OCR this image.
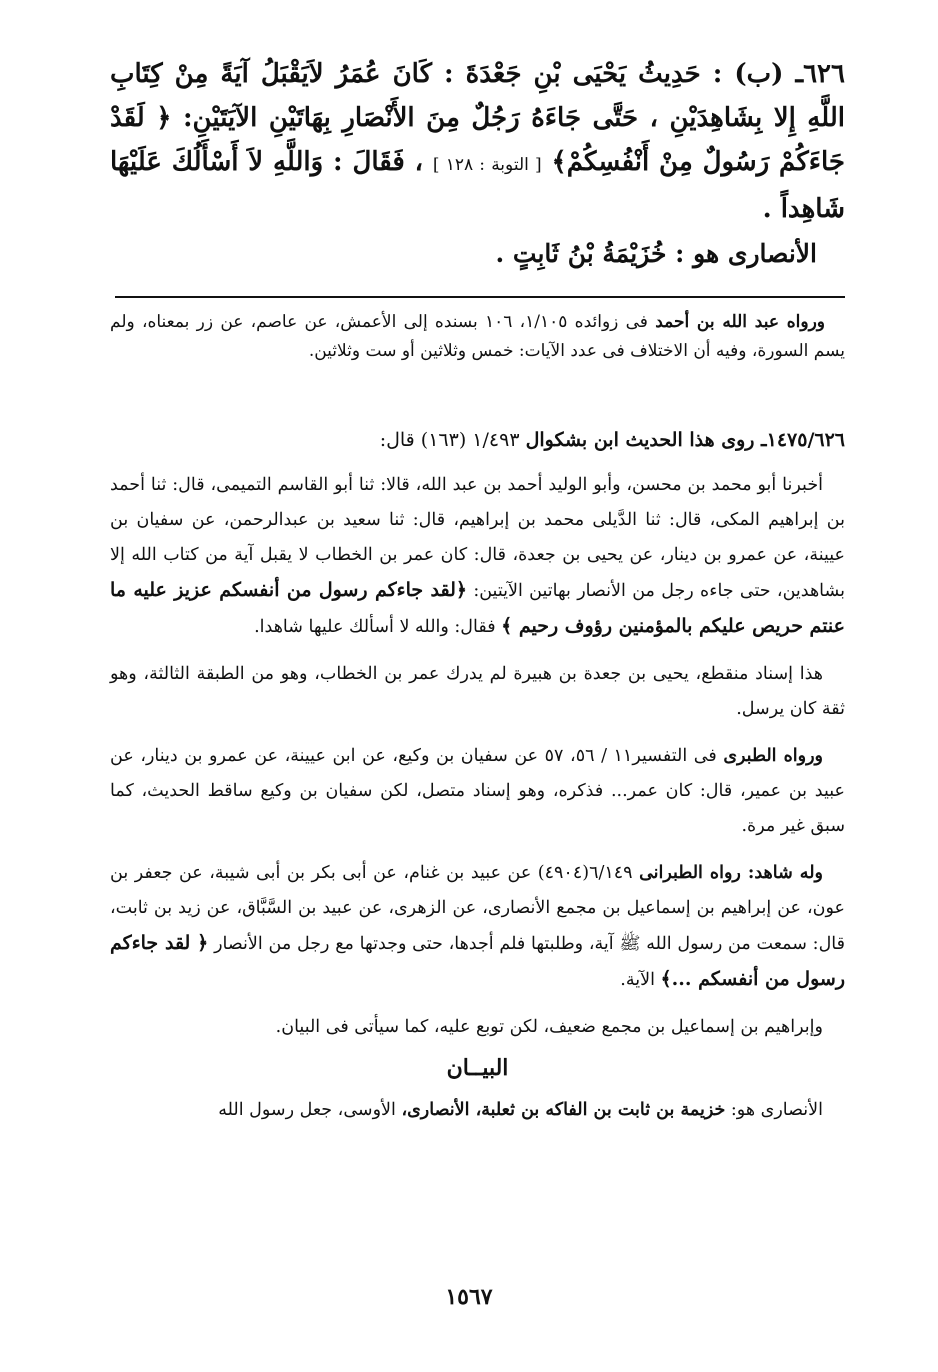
٦٢٦ـ (ب) : حَدِيثُ يَحْيَى بْنِ جَعْدَةَ : كَانَ عُمَرُ لاَيَقْبَلُ آيَةً مِنْ كِتَابِ اللَّهِ إِلا بِشَاهِدَيْنِ ، حَتَّى جَاءَهُ رَجُلٌ مِنَ الأَنْصَارِ بِهَاتَيْنِ الآيَتَيْنِ: ﴿ لَقَدْ جَاءَكُمْ رَسُولٌ مِنْ أَنْفُسِكُمْ﴾ [ التوبة : ١٢٨ ] ، فَقَالَ : وَاللَّهِ لاَ أَسْأَلُكَ عَلَيْهَا شَاهِداً .
الأنصارى هو : خُزَيْمَةُ بْنُ ثَابِتٍ .
ورواه عبد الله بن أحمد فى زوائده ١/١٠٥، ١٠٦ بسنده إلى الأعمش، عن عاصم، عن زر بمعناه، ولم يسم السورة، وفيه أن الاختلاف فى عدد الآيات: خمس وثلاثين أو ست وثلاثين.
١٤٧٥/٦٢٦ـ روى هذا الحديث ابن بشكوال ١/٤٩٣ (١٦٣) قال:
أخبرنا أبو محمد بن محسن، وأبو الوليد أحمد بن عبد الله، قالا: ثنا أبو القاسم التميمى، قال: ثنا أحمد بن إبراهيم المكى، قال: ثنا الدَّيلى محمد بن إبراهيم، قال: ثنا سعيد بن عبدالرحمن، عن سفيان بن عيينة، عن عمرو بن دينار، عن يحيى بن جعدة، قال: كان عمر بن الخطاب لا يقبل آية من كتاب الله إلا بشاهدين، حتى جاءه رجل من الأنصار بهاتين الآيتين: ﴿لقد جاءكم رسول من أنفسكم عزيز عليه ما عنتم حريص عليكم بالمؤمنين رؤوف رحيم ﴾ فقال: والله لا أسألك عليها شاهدا.
هذا إسناد منقطع، يحيى بن جعدة بن هبيرة لم يدرك عمر بن الخطاب، وهو من الطبقة الثالثة، وهو ثقة كان يرسل.
ورواه الطبرى فى التفسير١١ / ٥٦، ٥٧ عن سفيان بن وكيع، عن ابن عيينة، عن عمرو بن دينار، عن عبيد بن عمير، قال: كان عمر... فذكره، وهو إسناد متصل، لكن سفيان بن وكيع ساقط الحديث، كما سبق غير مرة.
وله شاهد: رواه الطبرانى ٦/١٤٩(٤٩٠٤) عن عبيد بن غنام، عن أبى بكر بن أبى شيبة، عن جعفر بن عون، عن إبراهيم بن إسماعيل بن مجمع الأنصارى، عن الزهرى، عن عبيد بن السَّبَّاق، عن زيد بن ثابت، قال: سمعت من رسول الله ﷺ آية، وطلبتها فلم أجدها، حتى وجدتها مع رجل من الأنصار ﴿ لقد جاءكم رسول من أنفسكم ...﴾ الآية.
وإبراهيم بن إسماعيل بن مجمع ضعيف، لكن توبع عليه، كما سيأتى فى البيان.
البيــان
الأنصارى هو: خزيمة بن ثابت بن الفاكه بن ثعلبة، الأنصارى، الأوسى، جعل رسول الله
١٥٦٧
